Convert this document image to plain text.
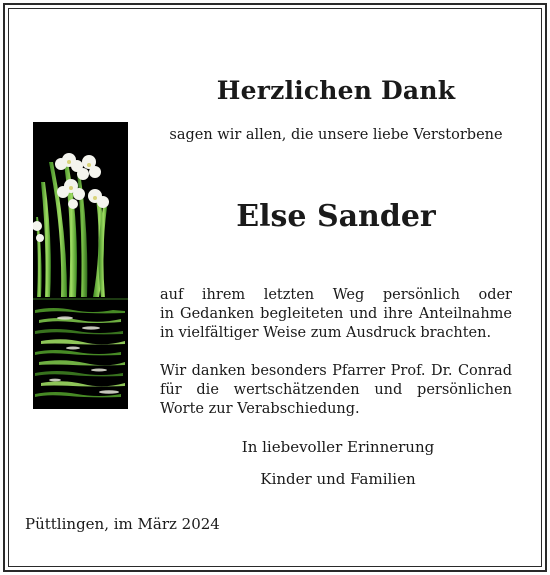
Herzlichen Dank
sagen wir allen, die unsere liebe Verstorbene
Else Sander
auf ihrem letzten Weg persönlich oder
in Gedanken begleiteten und ihre Anteilnahme
in vielfältiger Weise zum Ausdruck brachten.
Wir danken besonders Pfarrer Prof. Dr. Conrad
für die wertschätzenden und persönlichen
Worte zur Verabschiedung.
In liebevoller Erinnerung
Kinder und Familien
Püttlingen, im März 2024
